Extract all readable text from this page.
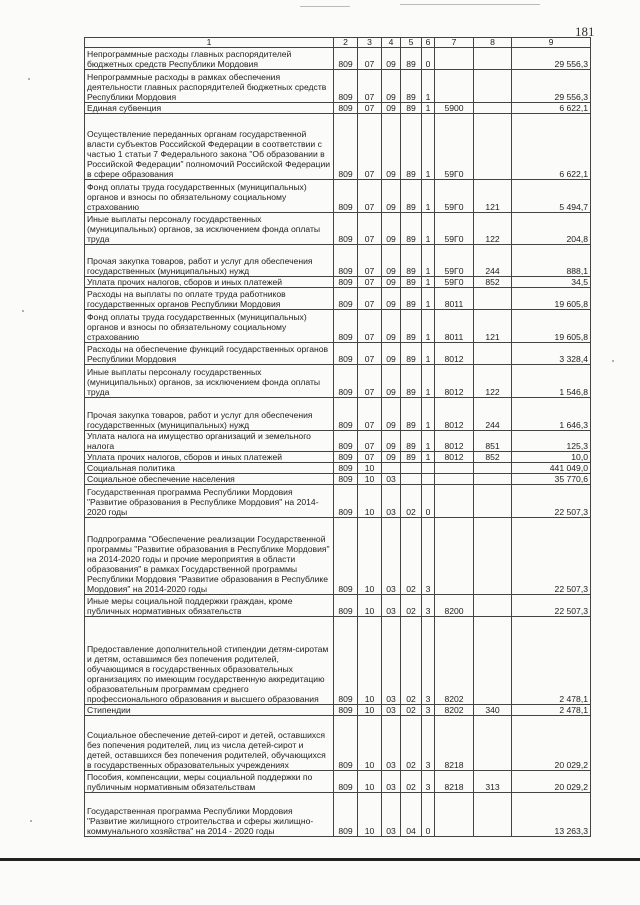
181
1	2	3	4	5	6	7	8	9
Непрограммные расходы главных распорядителей бюджетных средств Республики Мордовия	809	07	09	89	0			29 556,3
Непрограммные расходы в рамках обеспечения деятельности главных распорядителей бюджетных средств Республики Мордовия	809	07	09	89	1			29 556,3
Единая субвенция	809	07	09	89	1	5900		6 622,1
Осуществление переданных органам государственной власти субъектов Российской Федерации в соответствии с частью 1 статьи 7 Федерального закона "Об образовании в Российской Федерации" полномочий Российской Федерации в сфере образования	809	07	09	89	1	59Г0		6 622,1
Фонд оплаты труда государственных (муниципальных) органов и взносы по обязательному социальному страхованию	809	07	09	89	1	59Г0	121	5 494,7
Иные выплаты персоналу государственных (муниципальных) органов, за исключением фонда оплаты труда	809	07	09	89	1	59Г0	122	204,8
Прочая закупка товаров, работ и услуг для обеспечения государственных (муниципальных) нужд	809	07	09	89	1	59Г0	244	888,1
Уплата прочих налогов, сборов и иных платежей	809	07	09	89	1	59Г0	852	34,5
Расходы на выплаты по оплате труда работников государственных органов Республики Мордовия	809	07	09	89	1	8011		19 605,8
Фонд оплаты труда государственных (муниципальных) органов и взносы по обязательному социальному страхованию	809	07	09	89	1	8011	121	19 605,8
Расходы на обеспечение функций государственных органов Республики Мордовия	809	07	09	89	1	8012		3 328,4
Иные выплаты персоналу государственных (муниципальных) органов, за исключением фонда оплаты труда	809	07	09	89	1	8012	122	1 546,8
Прочая закупка товаров, работ и услуг для обеспечения государственных (муниципальных) нужд	809	07	09	89	1	8012	244	1 646,3
Уплата налога на имущество организаций и земельного налога	809	07	09	89	1	8012	851	125,3
Уплата прочих налогов, сборов и иных платежей	809	07	09	89	1	8012	852	10,0
Социальная политика	809	10						441 049,0
Социальное обеспечение населения	809	10	03					35 770,6
Государственная программа Республики Мордовия "Развитие образования в Республике Мордовия" на 2014-2020 годы	809	10	03	02	0			22 507,3
Подпрограмма "Обеспечение реализации Государственной программы "Развитие образования в Республике Мордовия" на 2014-2020 годы и прочие мероприятия в области образования" в рамках Государственной программы Республики Мордовия "Развитие образования в Республике Мордовия" на 2014-2020 годы	809	10	03	02	3			22 507,3
Иные меры социальной поддержки граждан, кроме публичных нормативных обязательств	809	10	03	02	3	8200		22 507,3
Предоставление дополнительной стипендии детям-сиротам и детям, оставшимся без попечения родителей, обучающимся в государственных образовательных организациях по имеющим государственную аккредитацию образовательным программам среднего профессионального образования и высшего образования	809	10	03	02	3	8202		2 478,1
Стипендии	809	10	03	02	3	8202	340	2 478,1
Социальное обеспечение детей-сирот и детей, оставшихся без попечения родителей, лиц из числа детей-сирот и детей, оставшихся без попечения родителей, обучающихся в государственных образовательных учреждениях	809	10	03	02	3	8218		20 029,2
Пособия, компенсации, меры социальной поддержки по публичным нормативным обязательствам	809	10	03	02	3	8218	313	20 029,2
Государственная программа Республики Мордовия "Развитие жилищного строительства и сферы жилищно-коммунального хозяйства" на 2014 - 2020 годы	809	10	03	04	0			13 263,3
